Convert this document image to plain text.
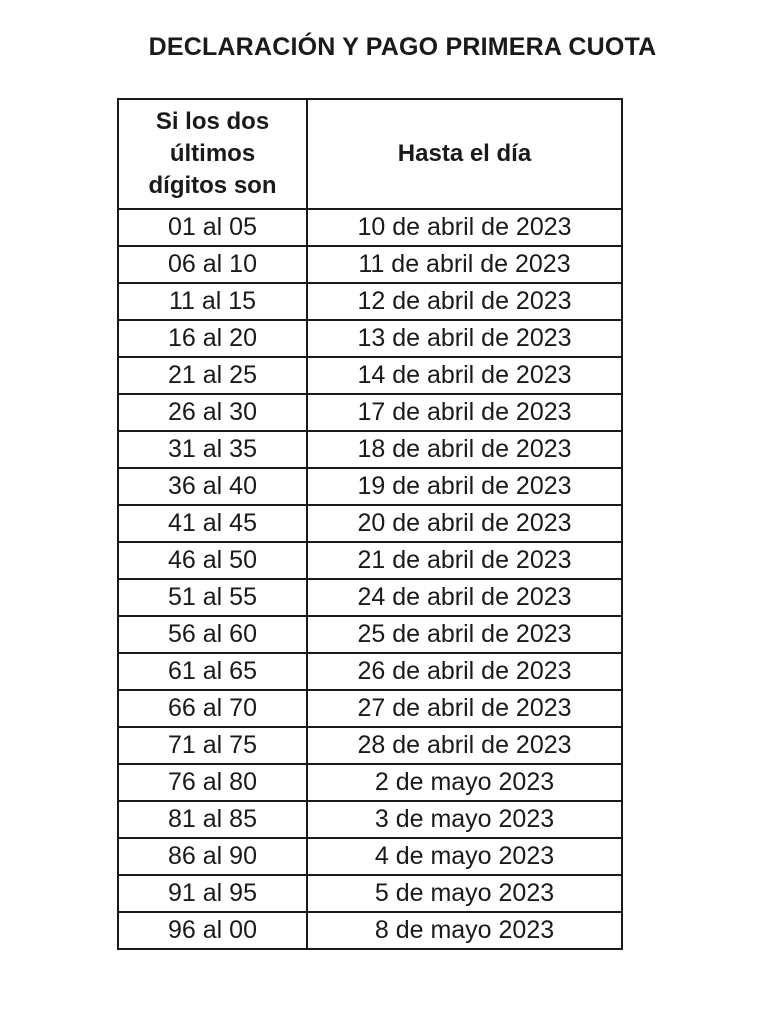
DECLARACIÓN Y PAGO PRIMERA CUOTA
Si los dos
últimos
dígitos son	Hasta el día
01 al 05	10 de abril de 2023
06 al 10	11 de abril de 2023
11 al 15	12 de abril de 2023
16 al 20	13 de abril de 2023
21 al 25	14 de abril de 2023
26 al 30	17 de abril de 2023
31 al 35	18 de abril de 2023
36 al 40	19 de abril de 2023
41 al 45	20 de abril de 2023
46 al 50	21 de abril de 2023
51 al 55	24 de abril de 2023
56 al 60	25 de abril de 2023
61 al 65	26 de abril de 2023
66 al 70	27 de abril de 2023
71 al 75	28 de abril de 2023
76 al 80	2 de mayo 2023
81 al 85	3 de mayo 2023
86 al 90	4 de mayo 2023
91 al 95	5 de mayo 2023
96 al 00	8 de mayo 2023
